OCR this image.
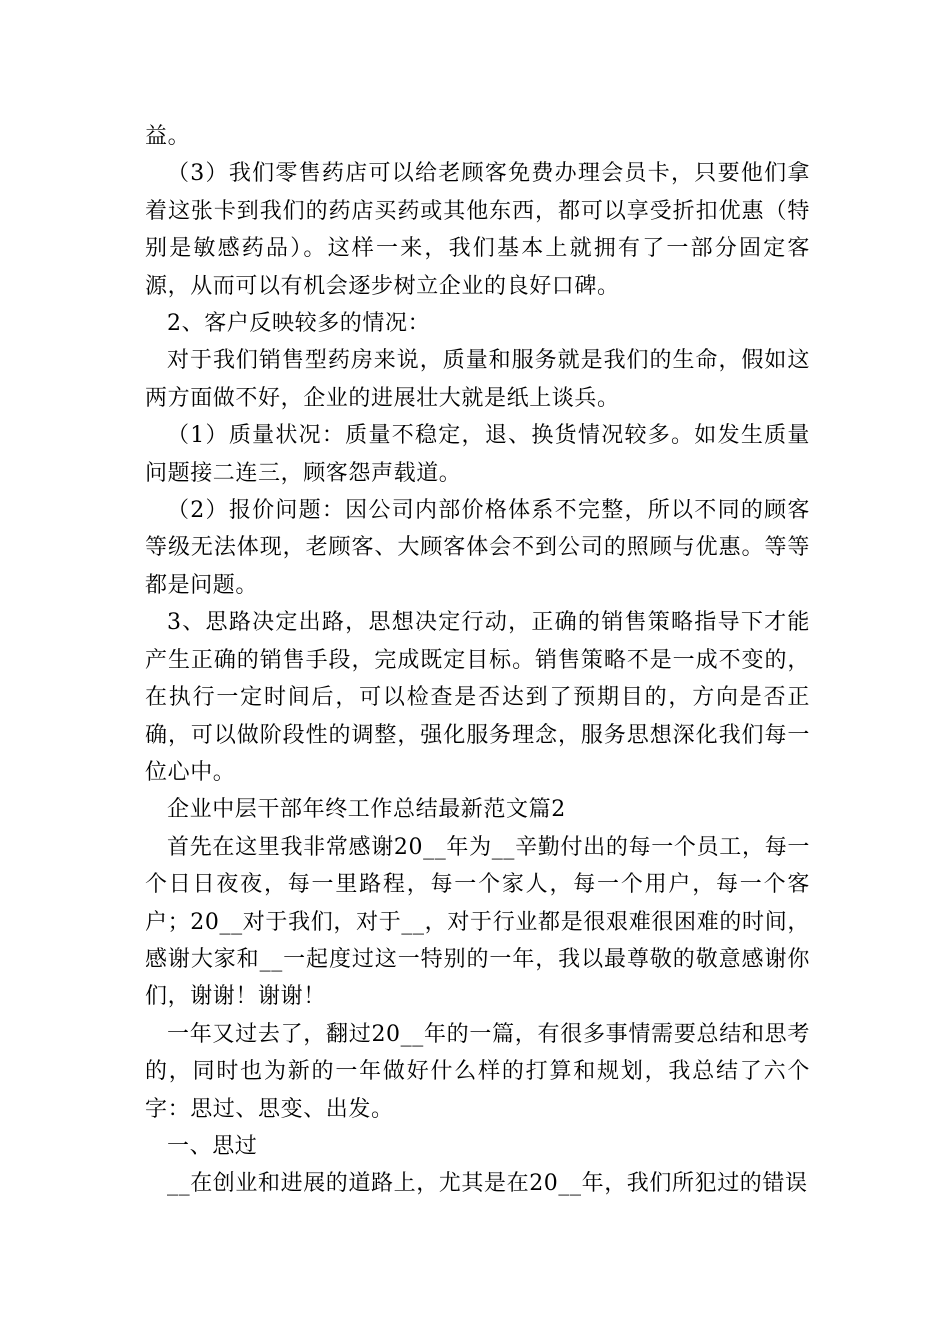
益。

（3）我们零售药店可以给老顾客免费办理会员卡，只要他们拿着这张卡到我们的药店买药或其他东西，都可以享受折扣优惠（特别是敏感药品）。这样一来，我们基本上就拥有了一部分固定客源，从而可以有机会逐步树立企业的良好口碑。

2、客户反映较多的情况：

对于我们销售型药房来说，质量和服务就是我们的生命，假如这两方面做不好，企业的进展壮大就是纸上谈兵。

（1）质量状况：质量不稳定，退、换货情况较多。如发生质量问题接二连三，顾客怨声载道。

（2）报价问题：因公司内部价格体系不完整，所以不同的顾客等级无法体现，老顾客、大顾客体会不到公司的照顾与优惠。等等都是问题。

3、思路决定出路，思想决定行动，正确的销售策略指导下才能产生正确的销售手段，完成既定目标。销售策略不是一成不变的，在执行一定时间后，可以检查是否达到了预期目的，方向是否正确，可以做阶段性的调整，强化服务理念，服务思想深化我们每一位心中。

企业中层干部年终工作总结最新范文篇2

首先在这里我非常感谢20__年为__辛勤付出的每一个员工，每一个日日夜夜，每一里路程，每一个家人，每一个用户，每一个客户；20__对于我们，对于__，对于行业都是很艰难很困难的时间，感谢大家和__一起度过这一特别的一年，我以最尊敬的敬意感谢你们，谢谢！谢谢！

一年又过去了，翻过20__年的一篇，有很多事情需要总结和思考的，同时也为新的一年做好什么样的打算和规划，我总结了六个字：思过、思变、出发。

一、思过

__在创业和进展的道路上，尤其是在20__年，我们所犯过的错误
